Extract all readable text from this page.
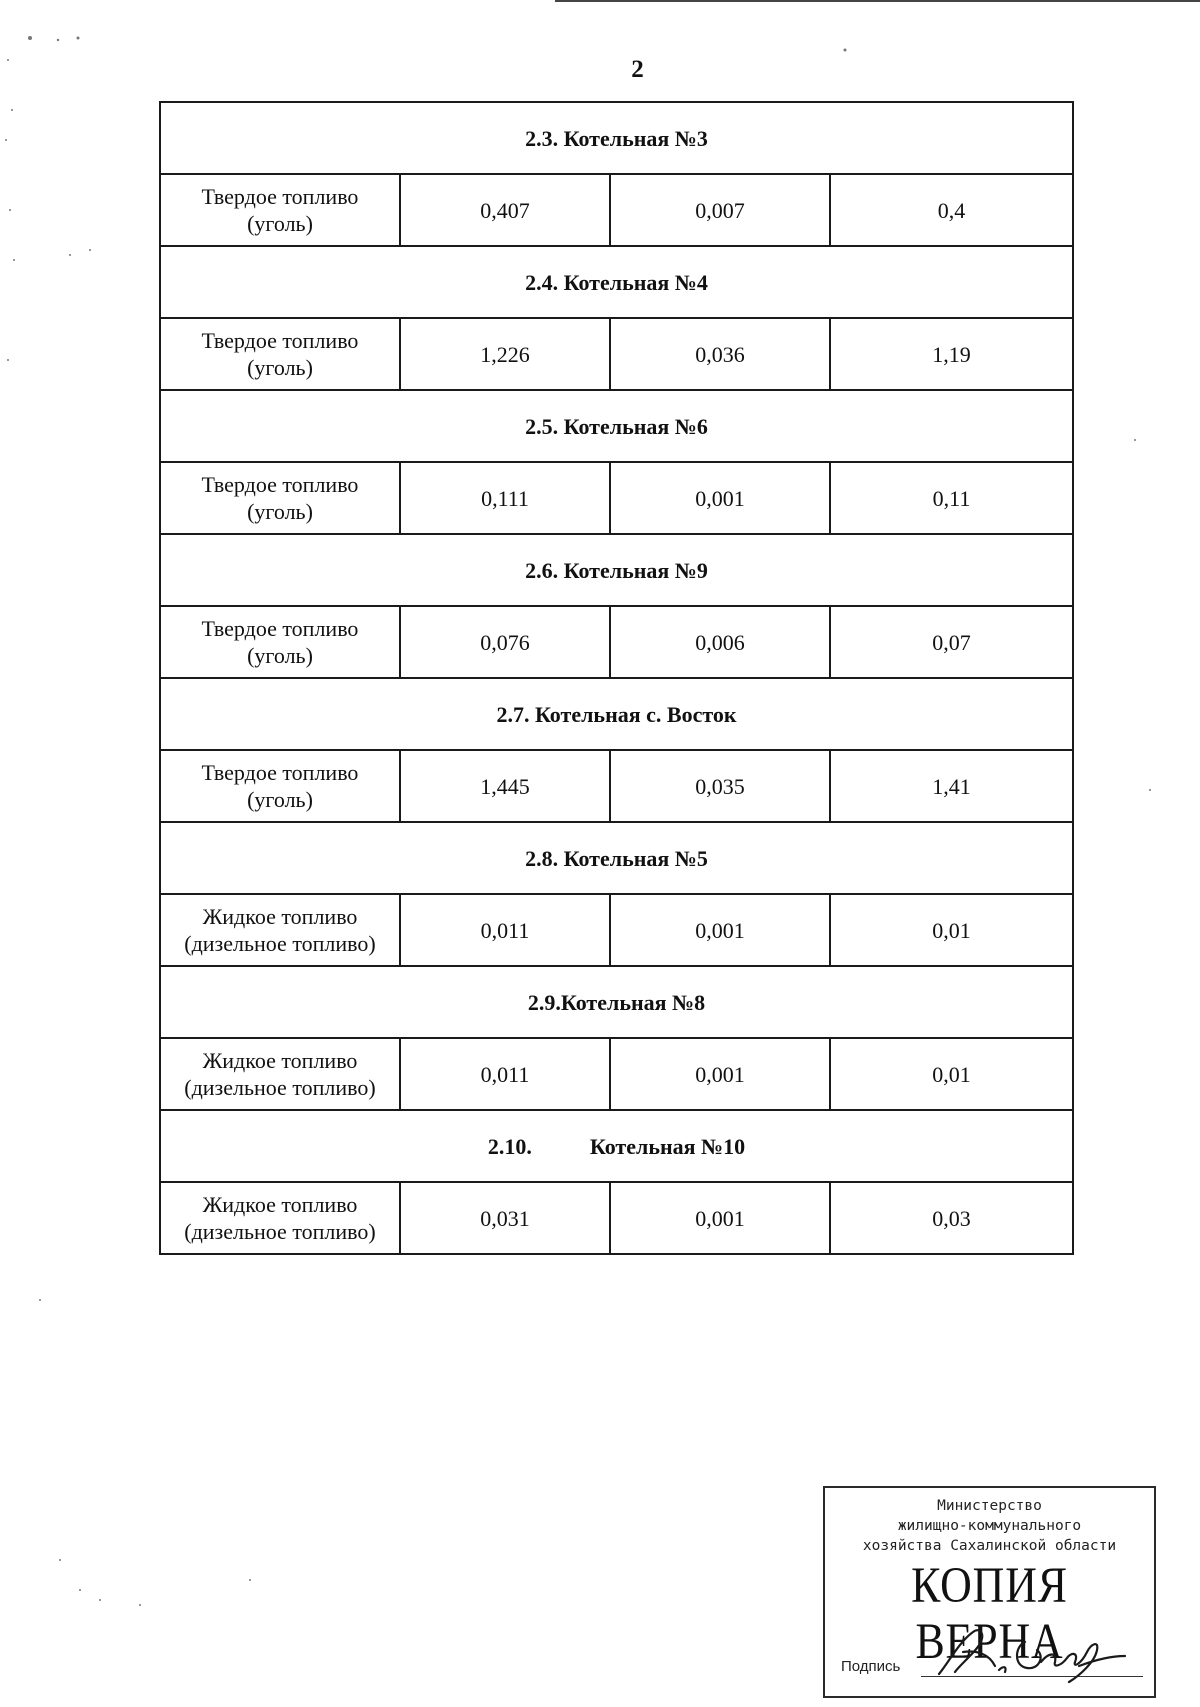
2
2.3. Котельная №3			
Твердое топливо
(уголь)	0,407	0,007	0,4
2.4. Котельная №4			
Твердое топливо
(уголь)	1,226	0,036	1,19
2.5. Котельная №6			
Твердое топливо
(уголь)	0,111	0,001	0,11
2.6. Котельная №9			
Твердое топливо
(уголь)	0,076	0,006	0,07
2.7. Котельная с. Восток			
Твердое топливо
(уголь)	1,445	0,035	1,41
2.8. Котельная №5			
Жидкое топливо
(дизельное топливо)	0,011	0,001	0,01
2.9.Котельная №8			
Жидкое топливо
(дизельное топливо)	0,011	0,001	0,01
2.10. Котельная №10			
Жидкое топливо
(дизельное топливо)	0,031	0,001	0,03
Министерство
жилищно-коммунального
хозяйства Сахалинской области
КОПИЯ ВЕРНА
Подпись
